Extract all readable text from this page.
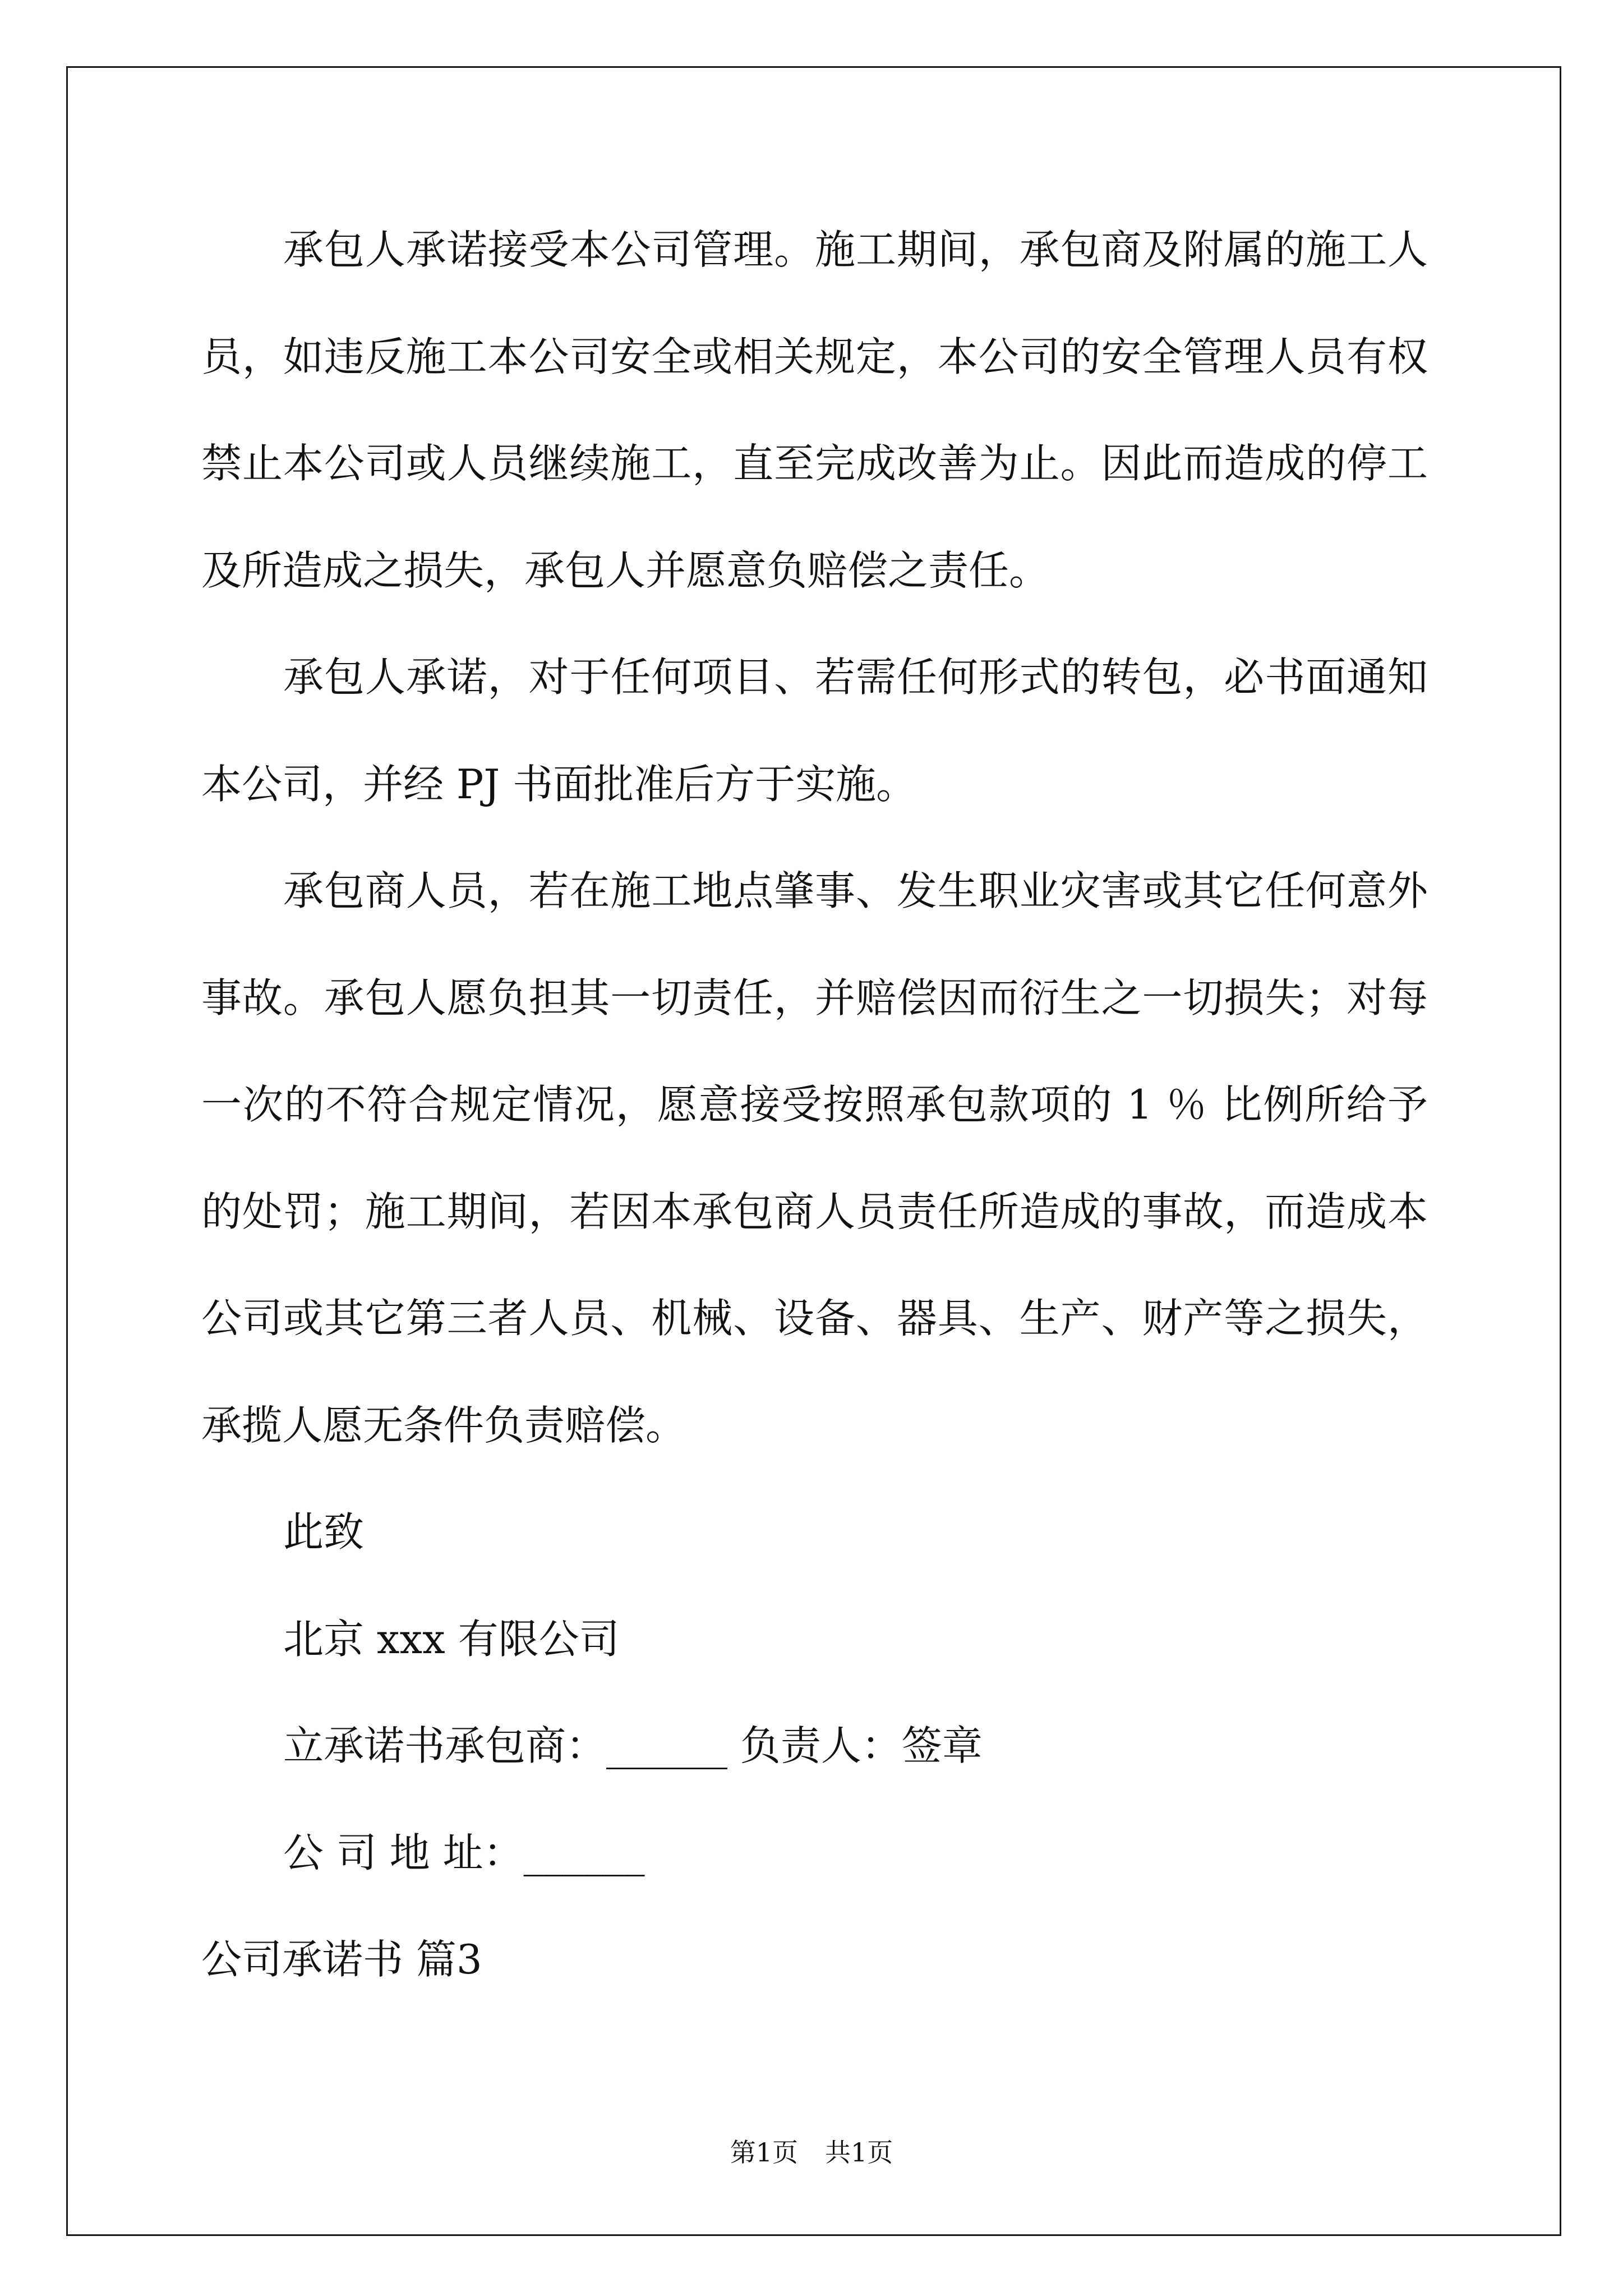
承包人承诺接受本公司管理。施工期间，承包商及附属的施工人
员，如违反施工本公司安全或相关规定，本公司的安全管理人员有权
禁止本公司或人员继续施工，直至完成改善为止。因此而造成的停工
及所造成之损失，承包人并愿意负赔偿之责任。
承包人承诺，对于任何项目、若需任何形式的转包，必书面通知
本公司，并经 PJ 书面批准后方于实施。
承包商人员，若在施工地点肇事、发生职业灾害或其它任何意外
事故。承包人愿负担其一切责任，并赔偿因而衍生之一切损失；对每
一次的不符合规定情况，愿意接受按照承包款项的 1 ％ 比例所给予
的处罚；施工期间，若因本承包商人员责任所造成的事故，而造成本
公司或其它第三者人员、机械、设备、器具、生产、财产等之损失，
承揽人愿无条件负责赔偿。
此致
北京 xxx 有限公司
立承诺书承包商：______ 负责人：签章
公 司 地 址：______
公司承诺书 篇3
第1页 共1页
